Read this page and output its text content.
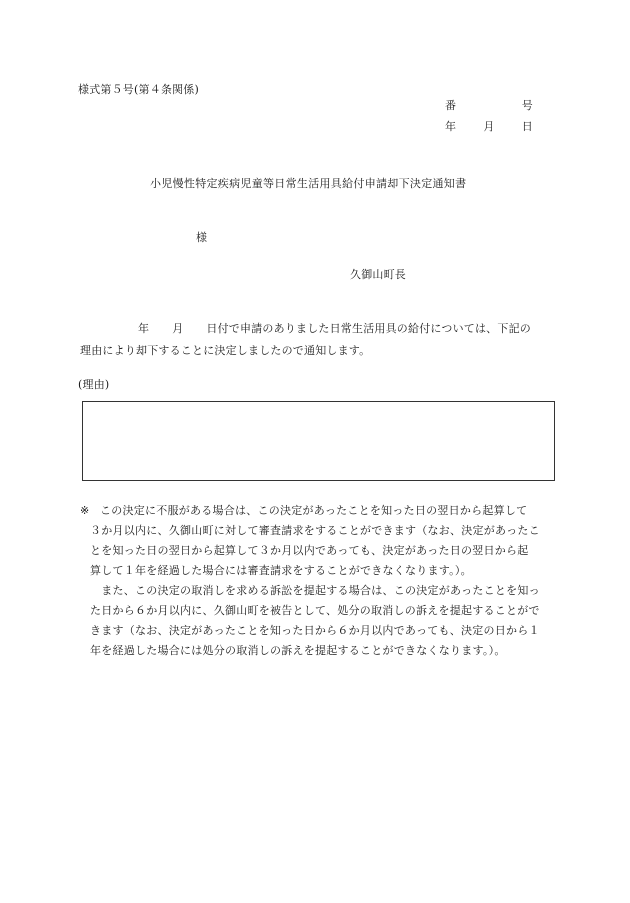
様式第５号(第４条関係)
番	号
年 月 日
小児慢性特定疾病児童等日常生活用具給付申請却下決定通知書
様
久御山町長
年 月 日付で申請のありました日常生活用具の給付については、下記の
理由により却下することに決定しましたので通知します。
(理由)
※ この決定に不服がある場合は、この決定があったことを知った日の翌日から起算して
３か月以内に、久御山町に対して審査請求をすることができます（なお、決定があったこ
とを知った日の翌日から起算して３か月以内であっても、決定があった日の翌日から起
算して１年を経過した場合には審査請求をすることができなくなります。）。
　また、この決定の取消しを求める訴訟を提起する場合は、この決定があったことを知っ
た日から６か月以内に、久御山町を被告として、処分の取消しの訴えを提起することがで
きます（なお、決定があったことを知った日から６か月以内であっても、決定の日から１
年を経過した場合には処分の取消しの訴えを提起することができなくなります。）。
